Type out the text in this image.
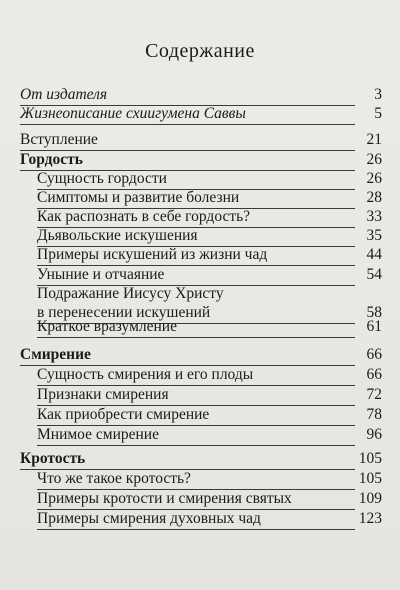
Содержание
От издателя	3
Жизнеописание схиигумена Саввы	5
Вступление	21
Гордость	26
Сущность гордости	26
Симптомы и развитие болезни	28
Как распознать в себе гордость?	33
Дьявольские искушения	35
Примеры искушений из жизни чад	44
Уныние и отчаяние	54
Подражание Иисусу Христу
в перенесении искушений	58
Краткое вразумление	61
Смирение	66
Сущность смирения и его плоды	66
Признаки смирения	72
Как приобрести смирение	78
Мнимое смирение	96
Кротость	105
Что же такое кротость?	105
Примеры кротости и смирения святых	109
Примеры смирения духовных чад	123
